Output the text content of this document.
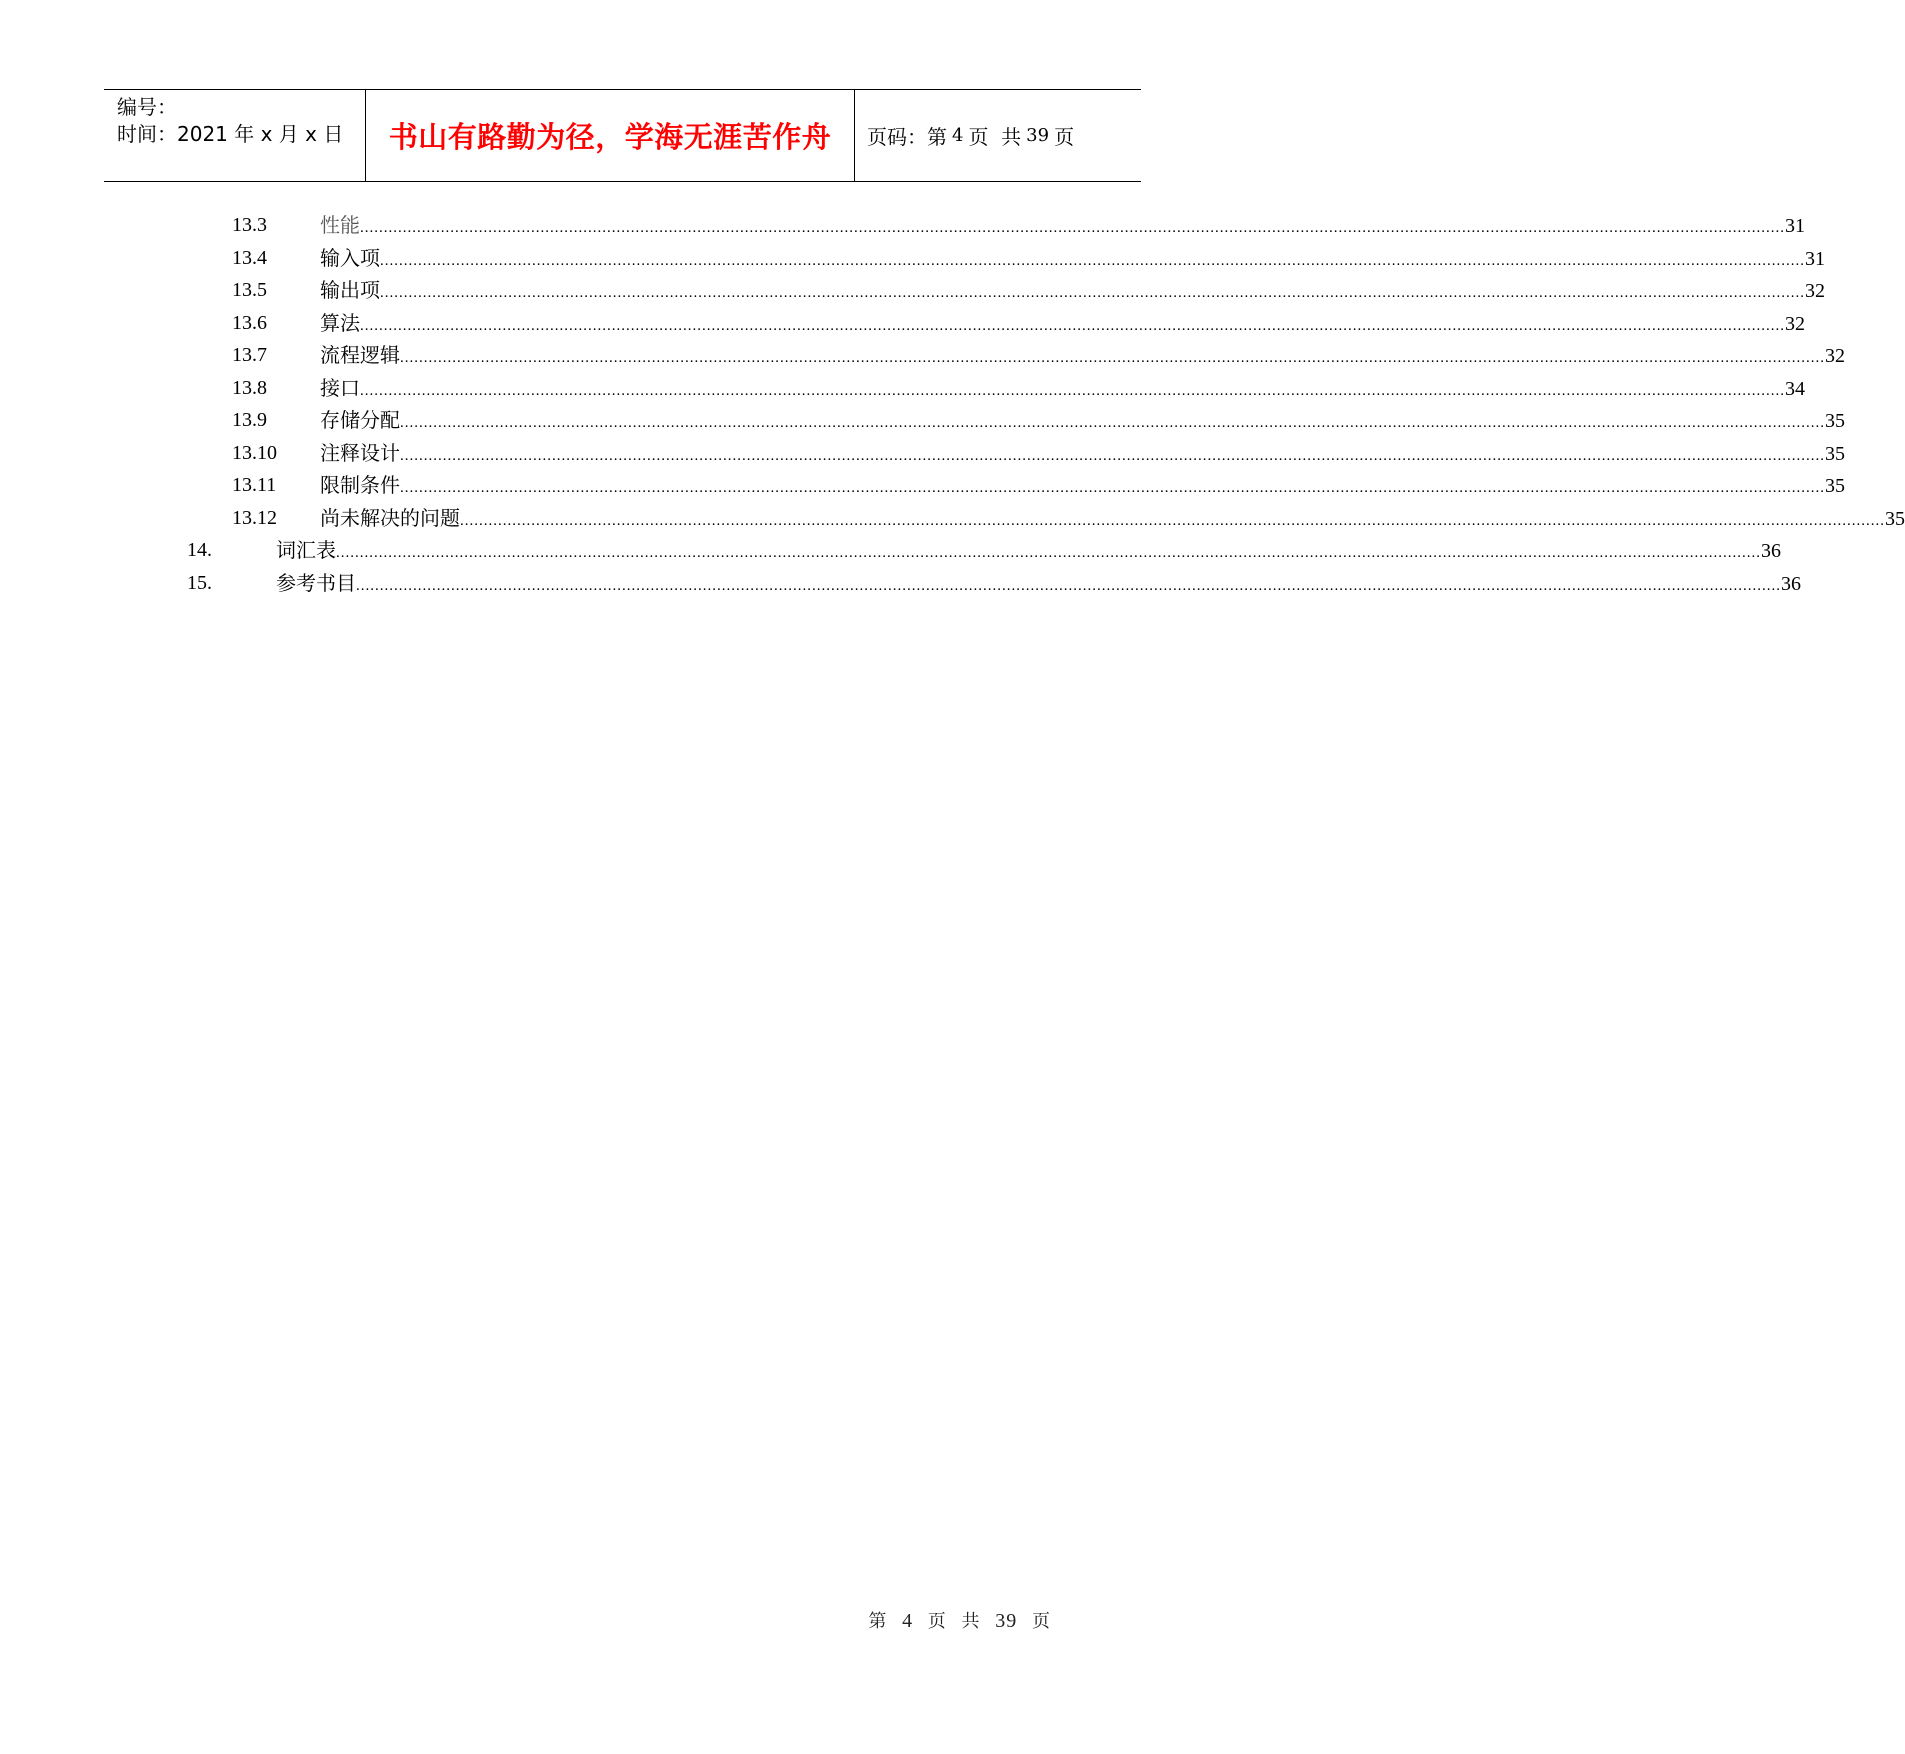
编号：
时间：2021 年 x 月 x 日	书山有路勤为径，学海无涯苦作舟	页码：第 4 页  共 39 页
13.3	性能 ............................................................................................................................................................................................................................................................................................................ 31
13.4	输入项 ............................................................................................................................................................................................................................................................................................................ 31
13.5	输出项 ............................................................................................................................................................................................................................................................................................................ 32
13.6	算法 ............................................................................................................................................................................................................................................................................................................ 32
13.7	流程逻辑 ............................................................................................................................................................................................................................................................................................................ 32
13.8	接口 ............................................................................................................................................................................................................................................................................................................ 34
13.9	存储分配 ............................................................................................................................................................................................................................................................................................................ 35
13.10 注释设计 ............................................................................................................................................................................................................................................................................................................ 35
13.11 限制条件 ............................................................................................................................................................................................................................................................................................................ 35
13.12 尚未解决的问题 ............................................................................................................................................................................................................................................................................................................ 35
14.	词汇表 ............................................................................................................................................................................................................................................................................................................ 36
15.	参考书目 ............................................................................................................................................................................................................................................................................................................ 36
第 4 页 共 39 页
